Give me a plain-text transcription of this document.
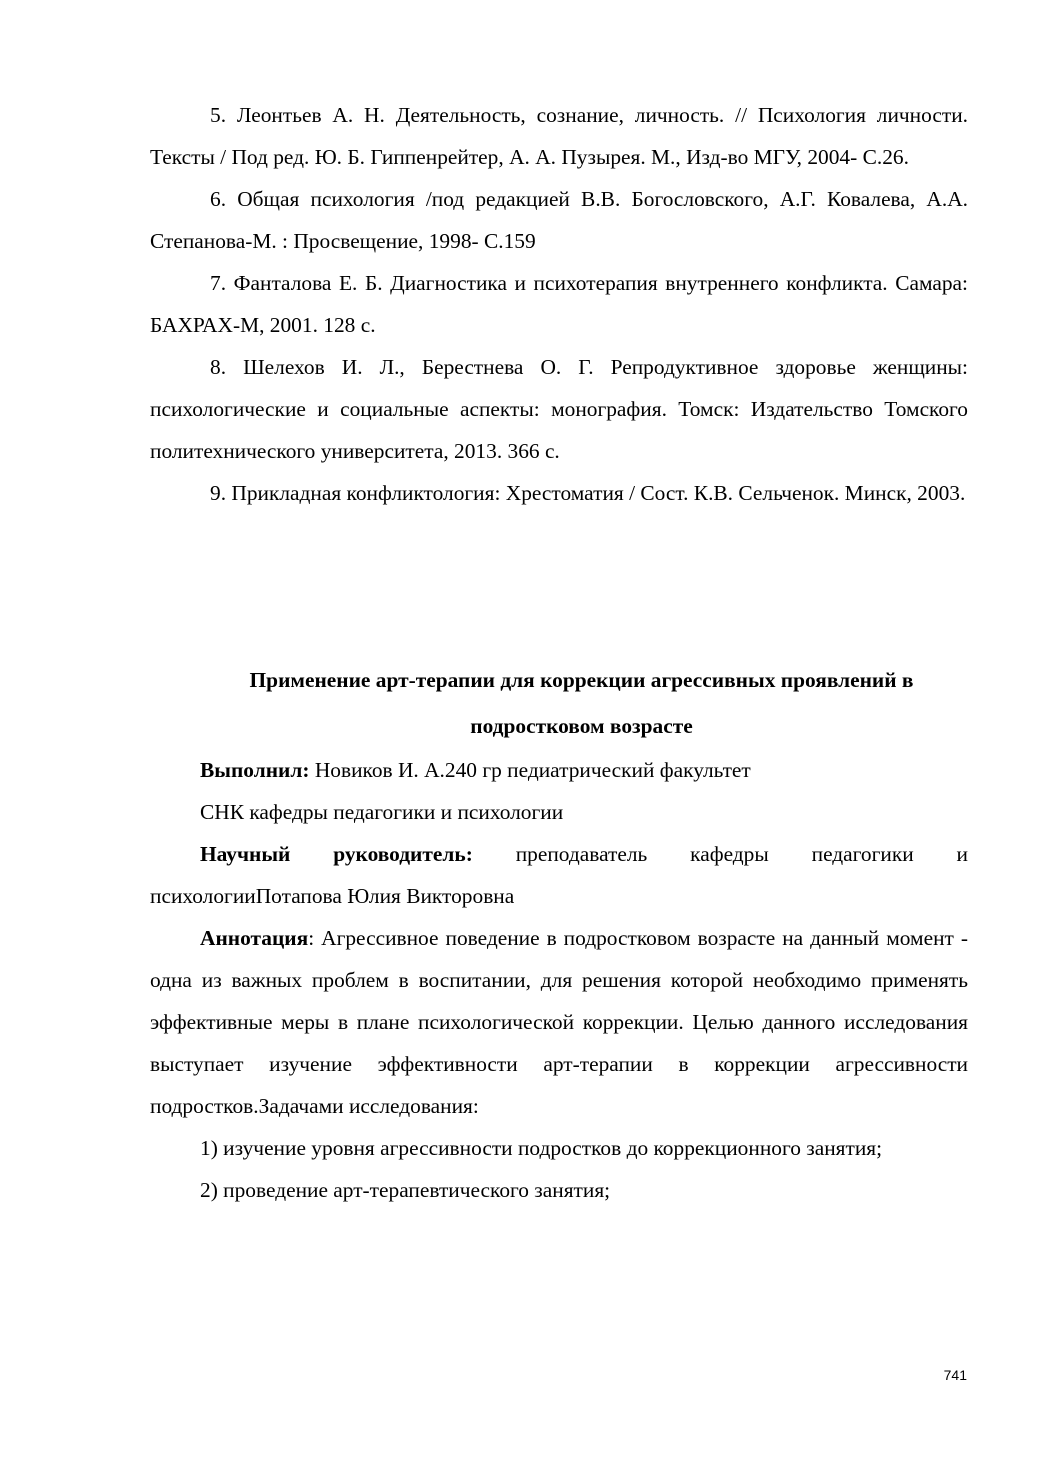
5. Леонтьев А. Н. Деятельность, сознание, личность. // Психология личности. Тексты / Под ред. Ю. Б. Гиппенрейтер, А. А. Пузырея. М., Изд-во МГУ, 2004- С.26.

6. Общая психология /под редакцией В.В. Богословского, А.Г. Ковалева, А.А. Степанова-М. : Просвещение, 1998- С.159

7. Фанталова Е. Б. Диагностика и психотерапия внутреннего конфликта. Самара: БАХРАХ-М, 2001. 128 с.

8. Шелехов И. Л., Берестнева О. Г. Репродуктивное здоровье женщины: психологические и социальные аспекты: монография. Томск: Издательство Томского политехнического университета, 2013. 366 с.

9. Прикладная конфликтология: Хрестоматия / Сост. К.В. Сельченок. Минск, 2003.

Применение арт-терапии для коррекции агрессивных проявлений в
подростковом возрасте

Выполнил: Новиков И. А.240 гр педиатрический факультет

СНК кафедры педагогики и психологии

Научный руководитель: преподаватель кафедры педагогики и психологииПотапова Юлия Викторовна

Аннотация: Агрессивное поведение в подростковом возрасте на данный момент - одна из важных проблем в воспитании, для решения которой необходимо применять эффективные меры в плане психологической коррекции. Целью данного исследования выступает изучение эффективности арт-терапии в коррекции агрессивности подростков.Задачами исследования:

1) изучение уровня агрессивности подростков до коррекционного занятия;

2) проведение арт-терапевтического занятия;

741
